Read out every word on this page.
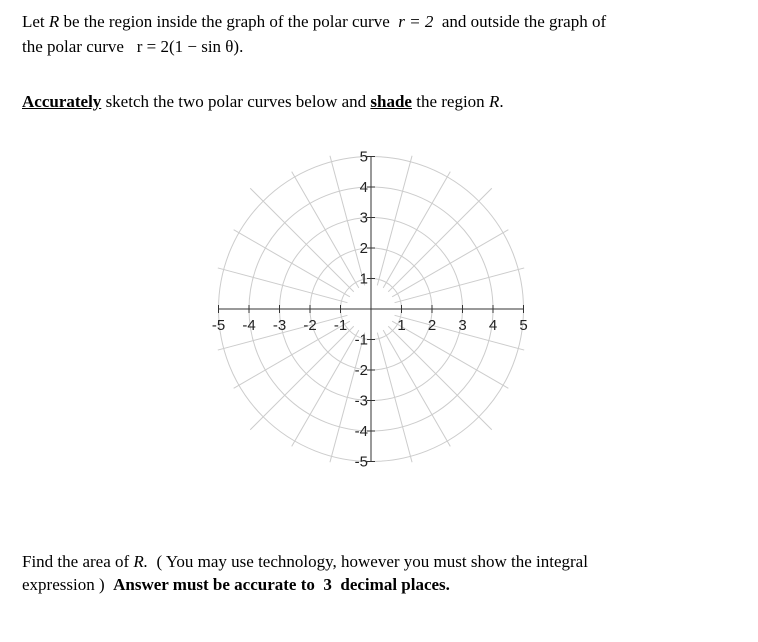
Let R be the region inside the graph of the polar curve r = 2 and outside the graph of
the polar curve r = 2(1 − sin θ).
Accurately sketch the two polar curves below and shade the region R.
-5 -4 -3 -2 -1	1 2 3 4 5
5
4
3
2
1
-1
-2
-3
-4
-5
Find the area of R. ( You may use technology, however you must show the integral
expression ) Answer must be accurate to 3 decimal places.
